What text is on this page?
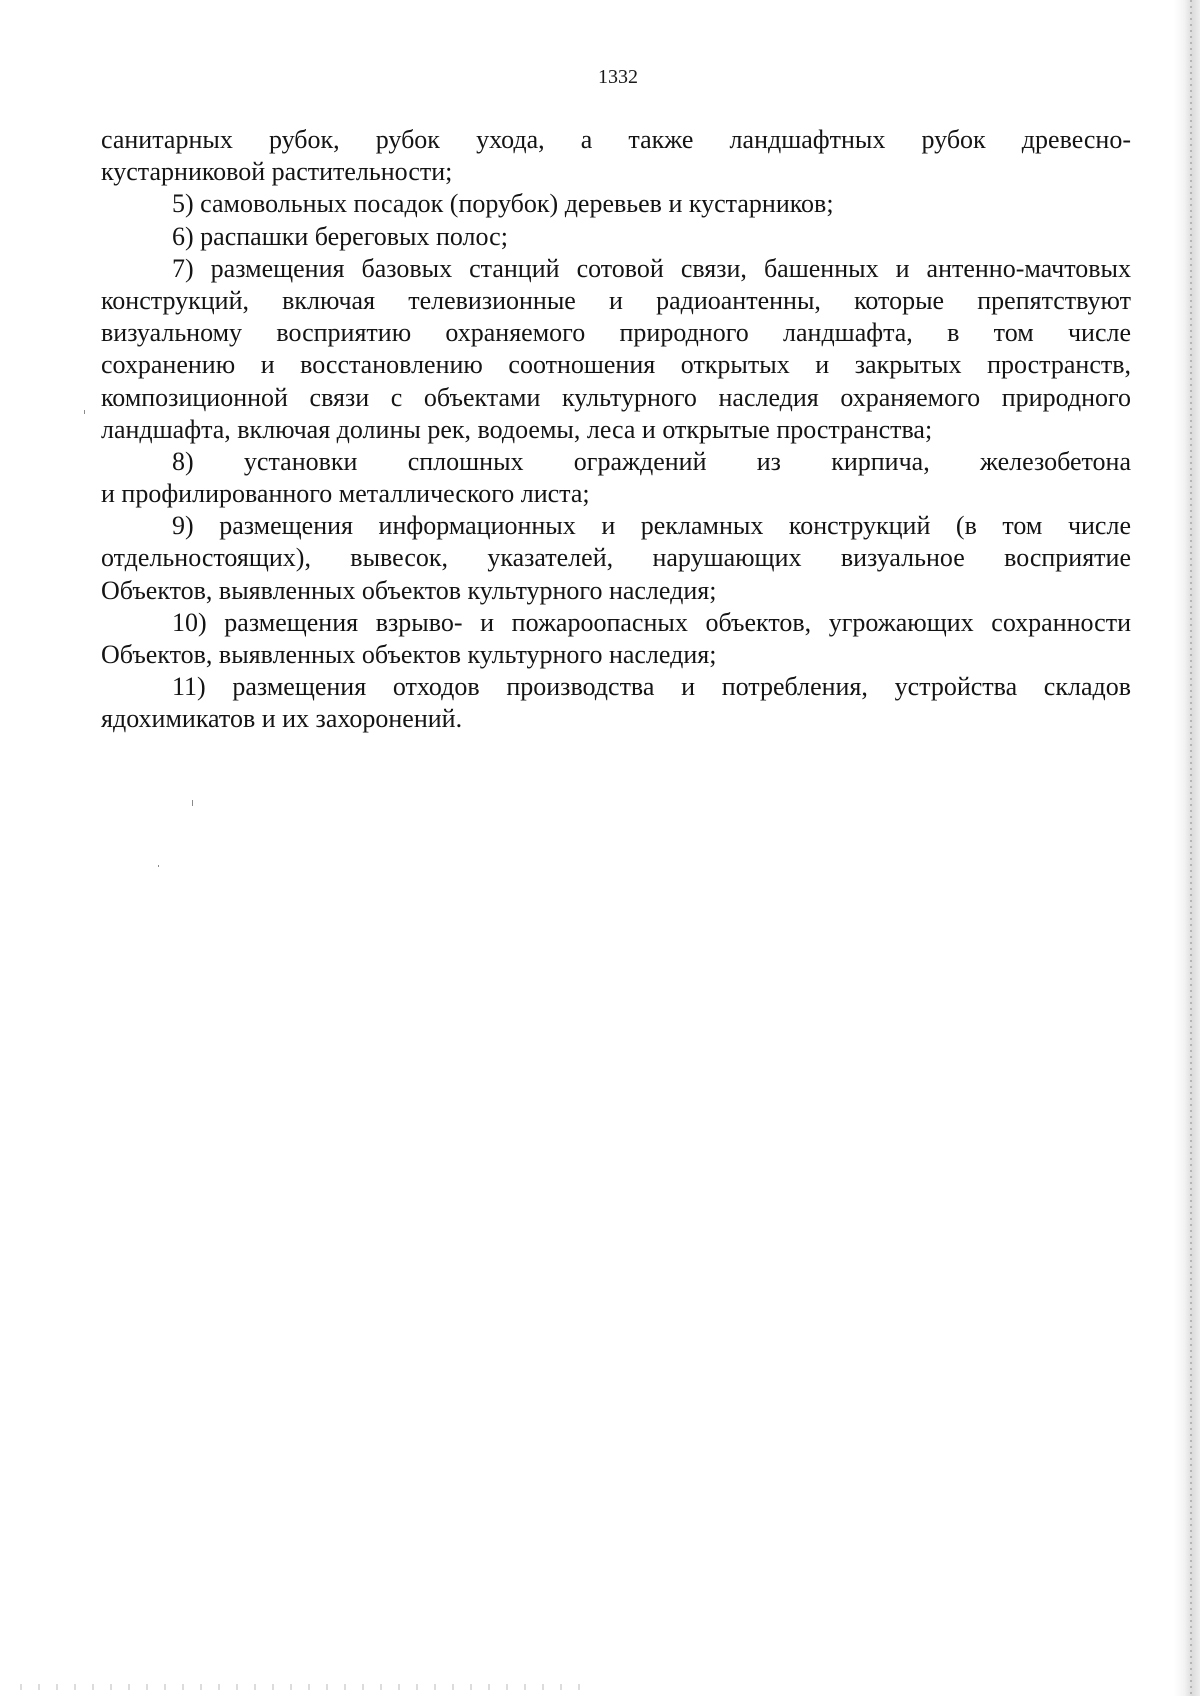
1332
санитарных рубок, рубок ухода, а также ландшафтных рубок древесно-
кустарниковой растительности;
5) самовольных посадок (порубок) деревьев и кустарников;
6) распашки береговых полос;
7) размещения базовых станций сотовой связи, башенных и антенно-мачтовых
конструкций, включая телевизионные и радиоантенны, которые препятствуют
визуальному восприятию охраняемого природного ландшафта, в том числе
сохранению и восстановлению соотношения открытых и закрытых пространств,
композиционной связи с объектами культурного наследия охраняемого природного
ландшафта, включая долины рек, водоемы, леса и открытые пространства;
8) установки сплошных ограждений из кирпича, железобетона
и профилированного металлического листа;
9) размещения информационных и рекламных конструкций (в том числе
отдельностоящих), вывесок, указателей, нарушающих визуальное восприятие
Объектов, выявленных объектов культурного наследия;
10) размещения взрыво- и пожароопасных объектов, угрожающих сохранности
Объектов, выявленных объектов культурного наследия;
11) размещения отходов производства и потребления, устройства складов
ядохимикатов и их захоронений.
